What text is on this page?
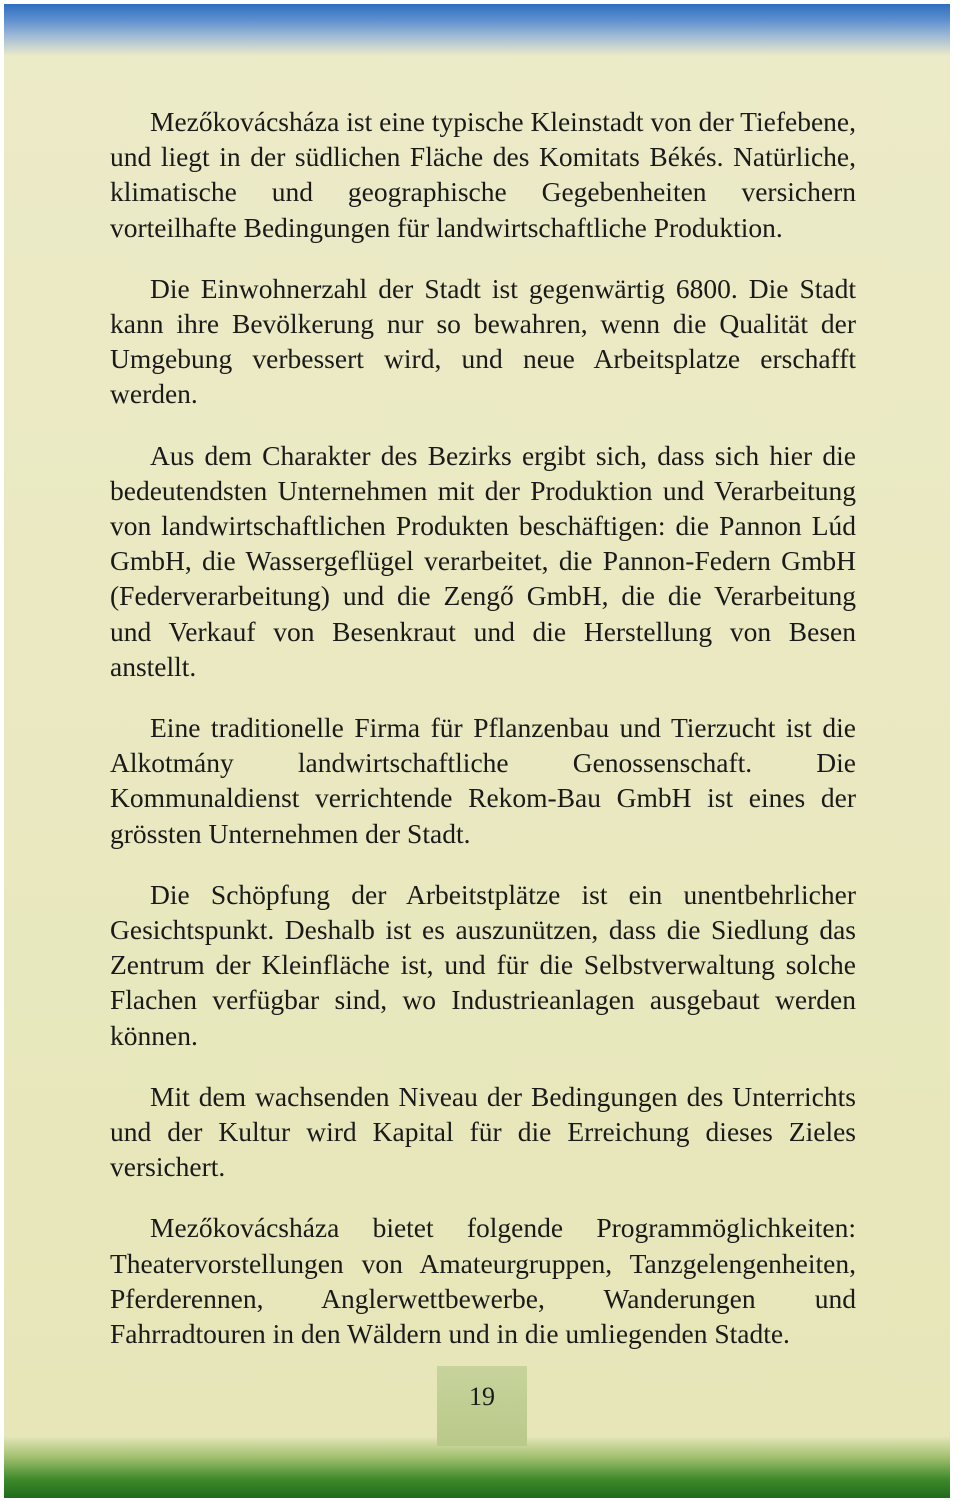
Mezőkovácsháza ist eine typische Kleinstadt von der Tiefebene, und liegt in der südlichen Fläche des Komitats Békés. Natürliche, klimatische und geographische Gegebenheiten versichern vorteilhafte Bedingungen für landwirtschaftliche Produktion.

Die Einwohnerzahl der Stadt ist gegenwärtig 6800. Die Stadt kann ihre Bevölkerung nur so bewahren, wenn die Qualität der Umgebung verbessert wird, und neue Arbeitsplatze erschafft werden.

Aus dem Charakter des Bezirks ergibt sich, dass sich hier die bedeutendsten Unternehmen mit der Produktion und Verarbeitung von landwirtschaftlichen Produkten beschäftigen: die Pannon Lúd GmbH, die Wassergeflügel verarbeitet, die Pannon-Federn GmbH (Federverarbeitung) und die Zengő GmbH, die die Verarbeitung und Verkauf von Besenkraut und die Herstellung von Besen anstellt.

Eine traditionelle Firma für Pflanzenbau und Tierzucht ist die Alkotmány landwirtschaftliche Genossenschaft. Die Kommunaldienst verrichtende Rekom-Bau GmbH ist eines der grössten Unternehmen der Stadt.

Die Schöpfung der Arbeitstplätze ist ein unentbehrlicher Gesichtspunkt. Deshalb ist es auszunützen, dass die Siedlung das Zentrum der Kleinfläche ist, und für die Selbstverwaltung solche Flachen verfügbar sind, wo Industrieanlagen ausgebaut werden können.

Mit dem wachsenden Niveau der Bedingungen des Unterrichts und der Kultur wird Kapital für die Erreichung dieses Zieles versichert.

Mezőkovácsháza bietet folgende Programmöglichkeiten: Theatervorstellungen von Amateurgruppen, Tanzgelengenheiten, Pferderennen, Anglerwettbewerbe, Wanderungen und Fahrradtouren in den Wäldern und in die umliegenden Stadte.

19
